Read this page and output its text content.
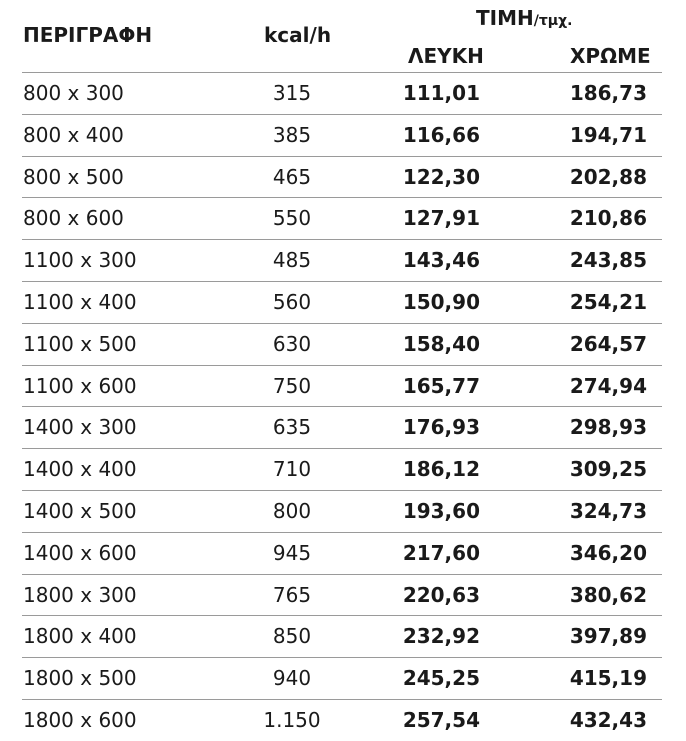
ΠΕΡΙΓΡΑΦΗ	kcal/h
ΤΙΜΗ/τμχ.
ΛΕΥΚΗ	ΧΡΩΜΕ
800 x 300	315	111,01	186,73
800 x 400	385	116,66	194,71
800 x 500	465	122,30	202,88
800 x 600	550	127,91	210,86
1100 x 300	485	143,46	243,85
1100 x 400	560	150,90	254,21
1100 x 500	630	158,40	264,57
1100 x 600	750	165,77	274,94
1400 x 300	635	176,93	298,93
1400 x 400	710	186,12	309,25
1400 x 500	800	193,60	324,73
1400 x 600	945	217,60	346,20
1800 x 300	765	220,63	380,62
1800 x 400	850	232,92	397,89
1800 x 500	940	245,25	415,19
1800 x 600	1.150	257,54	432,43
